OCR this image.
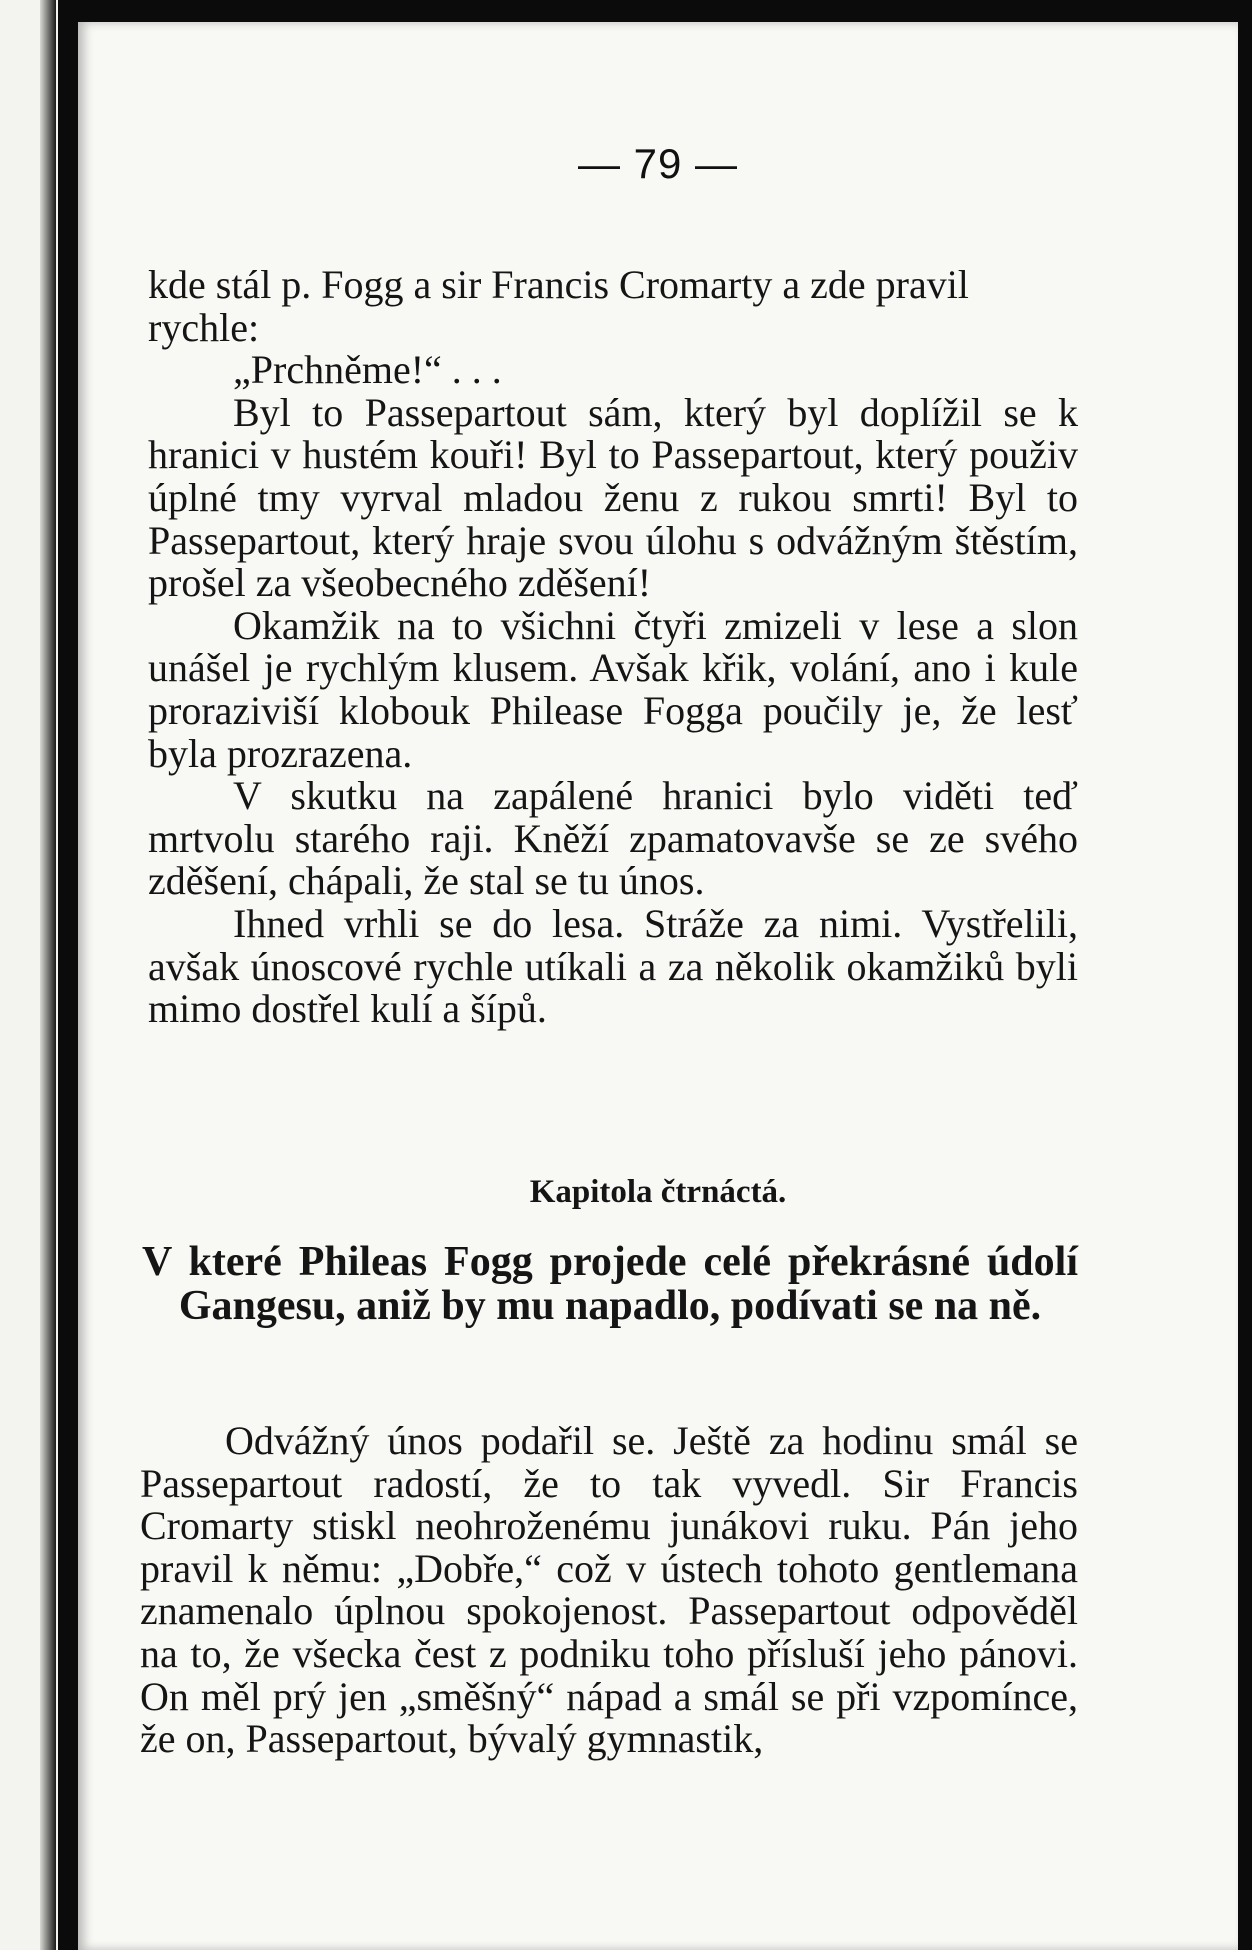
— 79 —

kde stál p. Fogg a sir Francis Cromarty a zde pravil rychle:

„Prchněme!“ . . .

Byl to Passepartout sám, který byl doplížil se k hranici v hustém kouři! Byl to Passepartout, který použiv úplné tmy vyrval mladou ženu z rukou smrti! Byl to Passepartout, který hraje svou úlohu s odvážným štěstím, prošel za všeobecného zděšení!

Okamžik na to všichni čtyři zmizeli v lese a slon unášel je rychlým klusem. Avšak křik, volání, ano i kule proraziviší klobouk Philease Fogga poučily je, že lesť byla prozrazena.

V skutku na zapálené hranici bylo viděti teď mrtvolu starého raji. Kněží zpamatovavše se ze svého zděšení, chápali, že stal se tu únos.

Ihned vrhli se do lesa. Stráže za nimi. Vystřelili, avšak únoscové rychle utíkali a za několik okamžiků byli mimo dostřel kulí a šípů.

Kapitola čtrnáctá.
V které Phileas Fogg projede celé překrásné údolí Gangesu, aniž by mu napadlo, podívati se na ně.

Odvážný únos podařil se. Ještě za hodinu smál se Passepartout radostí, že to tak vyvedl. Sir Francis Cromarty stiskl neohroženému junákovi ruku. Pán jeho pravil k němu: „Dobře,“ což v ústech tohoto gentlemana znamenalo úplnou spokojenost. Passepartout odpověděl na to, že všecka čest z podniku toho přísluší jeho pánovi. On měl prý jen „směšný“ nápad a smál se při vzpomínce, že on, Passepartout, bývalý gymnastik,
